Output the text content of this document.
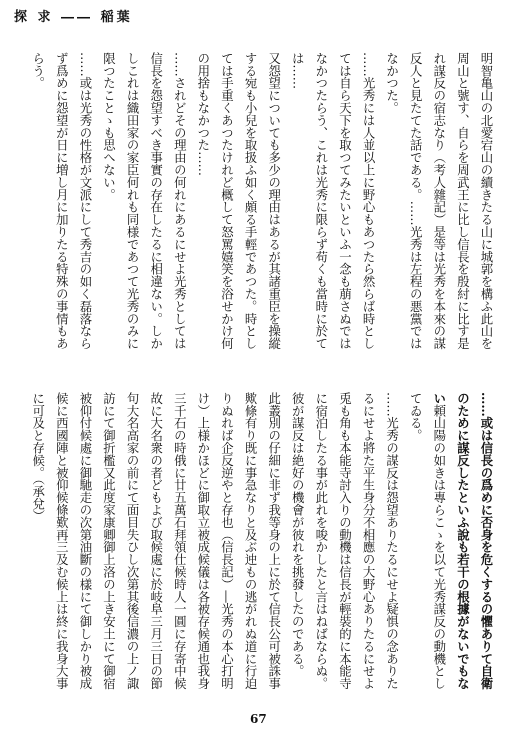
探 求 ―― 稲葉
明智亀山の北愛宕山の續きたる山に城郭を構ふ此山を周山と號す、自らを周武王に比し信長を殷紂に比す是れ謀反の宿志なり（考人雜記）是等は光秀を本來の謀反人と見たてた話である。……光秀は左程の悪黨ではなかつた。
……光秀には人並以上に野心もあつたら然らば時としては自ら天下を取つてみたいといふ一念も萠さぬではなかつたらう、これは光秀に限らず苟くも當時に於ては……
又怨望についても多少の理由はあるが其諸重臣を操縱する宛も小兒を取扱ふ如く頗る手輕であつた。時としては手重くあつたけれど概して怒罵嬉笑を浴せかけ何の用捨もなかつた……
……されどその理由の何れにあるにせよ光秀としては信長を怨望すべき事實の存在したるに相違ない。しかしこれは織田家の家臣何れも同様であつて光秀のみに限つたことゝも思へない。
……或は光秀の性格が文派にして秀吉の如く磊落ならず爲めに怨望が日に増し月に加りたる特殊の事情もあらう。
……或は信長の爲めに否身を危くするの懼ありて自衛のために謀反したといふ說も若干の根據がないでもない頼山陽の如きは專らこゝを以て光秀謀反の動機としてゐる。
……光秀の謀反は怨望ありたるにせよ疑惧の念ありたるにせよ將た平生身分不相應の大野心ありたるにせよ兎も角も本能寺討入りの動機は信長が輕裝的に本能寺に宿泊したる事が此れを唆かしたと言はねばならぬ。彼が謀反は絶好の機會が彼れを挑發したのである。
此叢別の仔細に非ず我等身の上に於て信長公可被誅事歟條有り既に事急なりと及ぶ迚もの逃がれぬ道に行迫りぬれば企反逆やと存也（信長記）―光秀の本心打明け）上様かほどに御取立被成候儀は各被存候通也我身三千石の時俄に廿五萬石拜領仕候時人一圓に存寄中候故に大名衆の者どもよび取候處に於岐阜三月三日の節句大名高家の前にて面目失ひし次第其後信濃の上ノ諏訪にて御折檻又此度家康卿御上洛の上き安土にて御宿被仰付候處に御馳走の次第油斷の樣にて御しかり被成候に西國陣と被仰候條歎再三及む候上は終に我身大事に可及と存候。（承兌）
67
